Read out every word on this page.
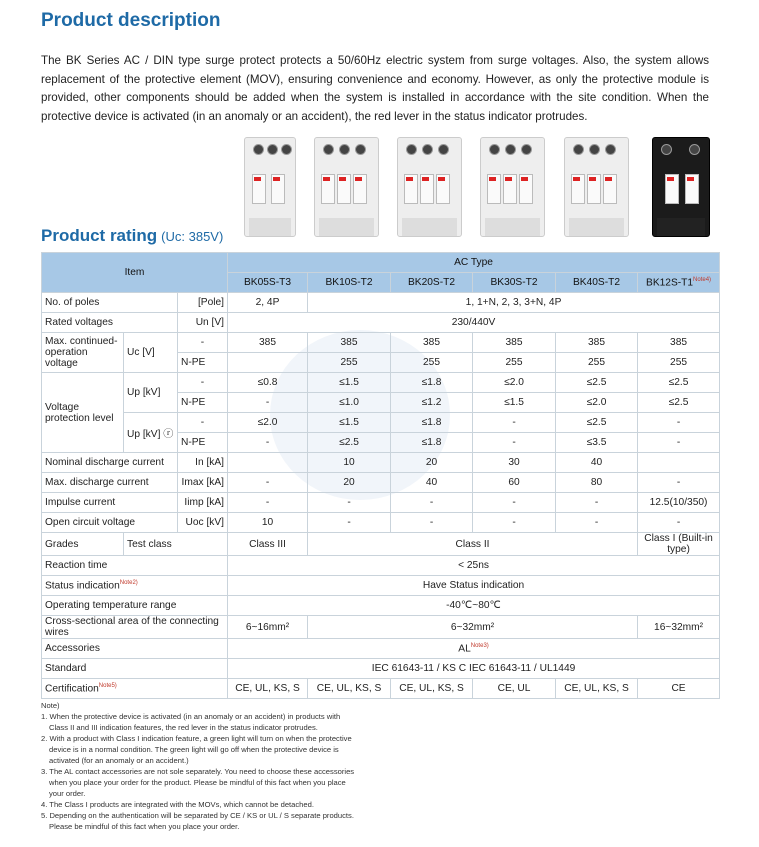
Product description
The BK Series AC / DIN type surge protect protects a 50/60Hz electric system from surge voltages. Also, the system allows replacement of the protective element (MOV), ensuring convenience and economy. However, as only the protective module is provided, other components should be added when the system is installed in accordance with the site condition. When the protective device is activated (in an anomaly or an accident), the red lever in the status indicator protrudes.
Product rating (Uc: 385V)
Item			AC Type					
			BK05S-T3	BK10S-T2	BK20S-T2	BK30S-T2	BK40S-T2	BK12S-T1$^{Note4)}$
No. of poles		[Pole]	2, 4P	1, 1+N, 2, 3, 3+N, 4P				
Rated voltages		Un [V]	230/440V					
Max. continued-operation voltage	Uc [V]	-	385	385	385	385	385	385
		N-PE		255	255	255	255	255
Voltage protection level	Up [kV]	-	≤0.8	≤1.5	≤1.8	≤2.0	≤2.5	≤2.5
		N-PE	-	≤1.0	≤1.2	≤1.5	≤2.0	≤2.5
	Up [kV] ⓡ	-	≤2.0	≤1.5	≤1.8	-	≤2.5	-
		N-PE	-	≤2.5	≤1.8	-	≤3.5	-
Nominal discharge current		In [kA]		10	20	30	40	
Max. discharge current		Imax [kA]	-	20	40	60	80	-
Impulse current		Iimp [kA]	-	-	-	-	-	12.5(10/350)
Open circuit voltage		Uoc [kV]	10	-	-	-	-	-
Grades	Test class		Class III	Class II				Class I (Built-in type)
Reaction time			< 25ns					
Status indication$^{Note2)}$			Have Status indication					
Operating temperature range			-40℃~80℃					
Cross-sectional area of the connecting wires			6~16mm²	6~32mm²				16~32mm²
Accessories			AL$^{Note3)}$
Standard			IEC 61643-11 / KS C IEC 61643-11 / UL1449					
Certification$^{Note5)}$			CE, UL, KS, S	CE, UL, KS, S	CE, UL, KS, S	CE, UL	CE, UL, KS, S	CE
Note)
1. When the protective device is activated (in an anomaly or an accident) in products with Class II and III indication features, the red lever in the status indicator protrudes.
2. With a product with Class I indication feature, a green light will turn on when the protective device is in a normal condition. The green light will go off when the protective device is activated (for an anomaly or an accident.)
3. The AL contact accessories are not sole separately. You need to choose these accessories when you place your order for the product. Please be mindful of this fact when you place your order.
4. The Class I products are integrated with the MOVs, which cannot be detached.
5. Depending on the authentication will be separated by CE / KS or UL / S separate products. Please be mindful of this fact when you place your order.
